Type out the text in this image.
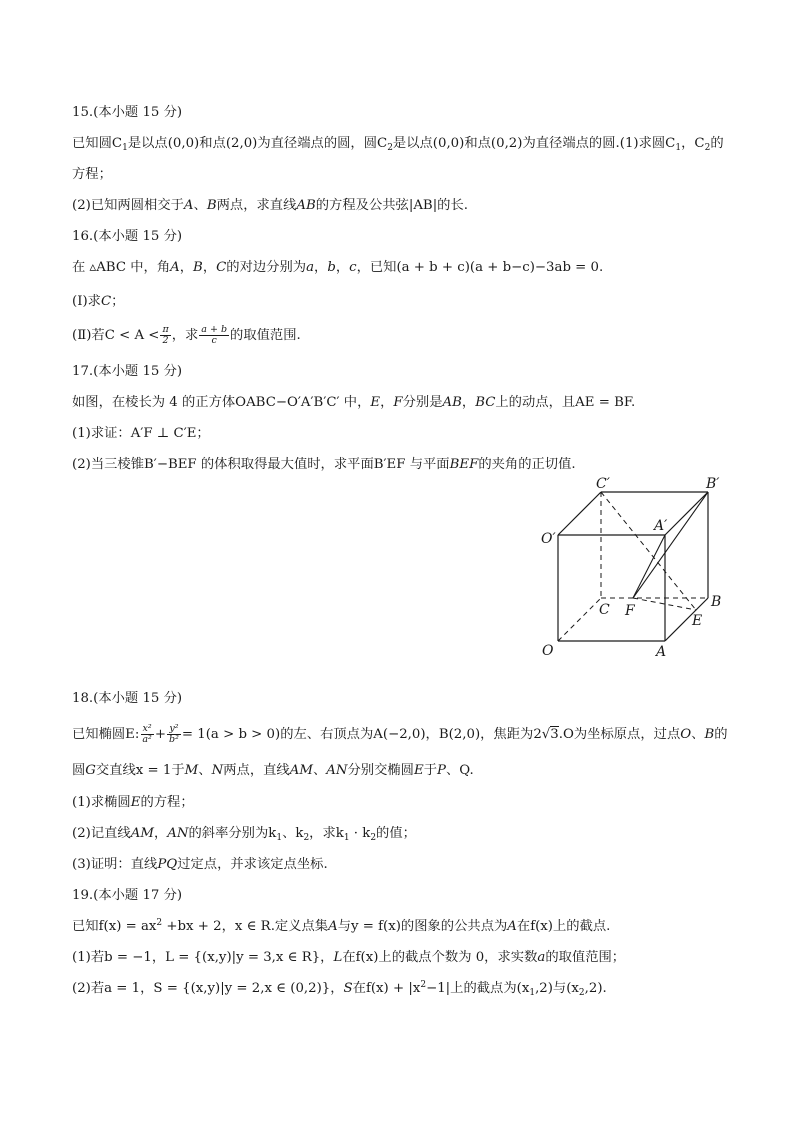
15.(本小题 15 分)
已知圆$C_1$是以点(0,0)和点(2,0)为直径端点的圆，圆$C_2$是以点(0,0)和点(0,2)为直径端点的圆.(1)求圆$C_1$，$C_2$的
方程；
(2)已知两圆相交于A、B两点，求直线AB的方程及公共弦|AB|的长.
16.(本小题 15 分)
在 ▵ABC 中，角A，B，C的对边分别为a，b，c，已知(a + b + c)(a + b−c)−3ab = 0.
(Ⅰ)求C；
(Ⅱ)若$C < A < \frac{\pi}{2}$ ，求 $\frac{a + b}{c}$ 的取值范围.
17.(本小题 15 分)
如图，在棱长为 4 的正方体OABC−O′A′B′C′ 中，E，F分别是AB，BC上的动点，且AE = BF.
(1)求证：A′F ⊥ C′E；
(2)当三棱锥B′−BEF 的体积取得最大值时，求平面B′EF 与平面BEF的夹角的正切值.
C′	B′
A′
O′
C F
B
E
O	A
18.(本小题 15 分)
已知椭圆E: $\frac{\text{x²}}{\text{a²}} + \frac{\text{y²}}{\text{b²}} = 1(a > b > 0)$的左、右顶点为A(−2,0)，B(2,0)，焦距为2√3.O为坐标原点，过点O、B的
圆G交直线x = 1于M、N两点，直线AM、AN分别交椭圆E于P、Q.
(1)求椭圆E的方程；
(2)记直线AM，AN的斜率分别为$k_1$、$k_2$，求$k_1 \cdot k_2$的值；
(3)证明：直线PQ过定点，并求该定点坐标.
19.(本小题 17 分)
已知$f(x) = ax^2 +bx + 2$，x ∈ R.定义点集A与y = f(x)的图象的公共点为A在f(x)上的截点.
(1)若b = −1，L = {(x,y)|y = 3,x ∈ R}，L在f(x)上的截点个数为 0，求实数a的取值范围；
(2)若a = 1，S = {(x,y)|y = 2,x ∈ (0,2)}，S在$f(x) + |x^2-1|$上的截点为$(x_1,2)$与$(x_2,2)$.
